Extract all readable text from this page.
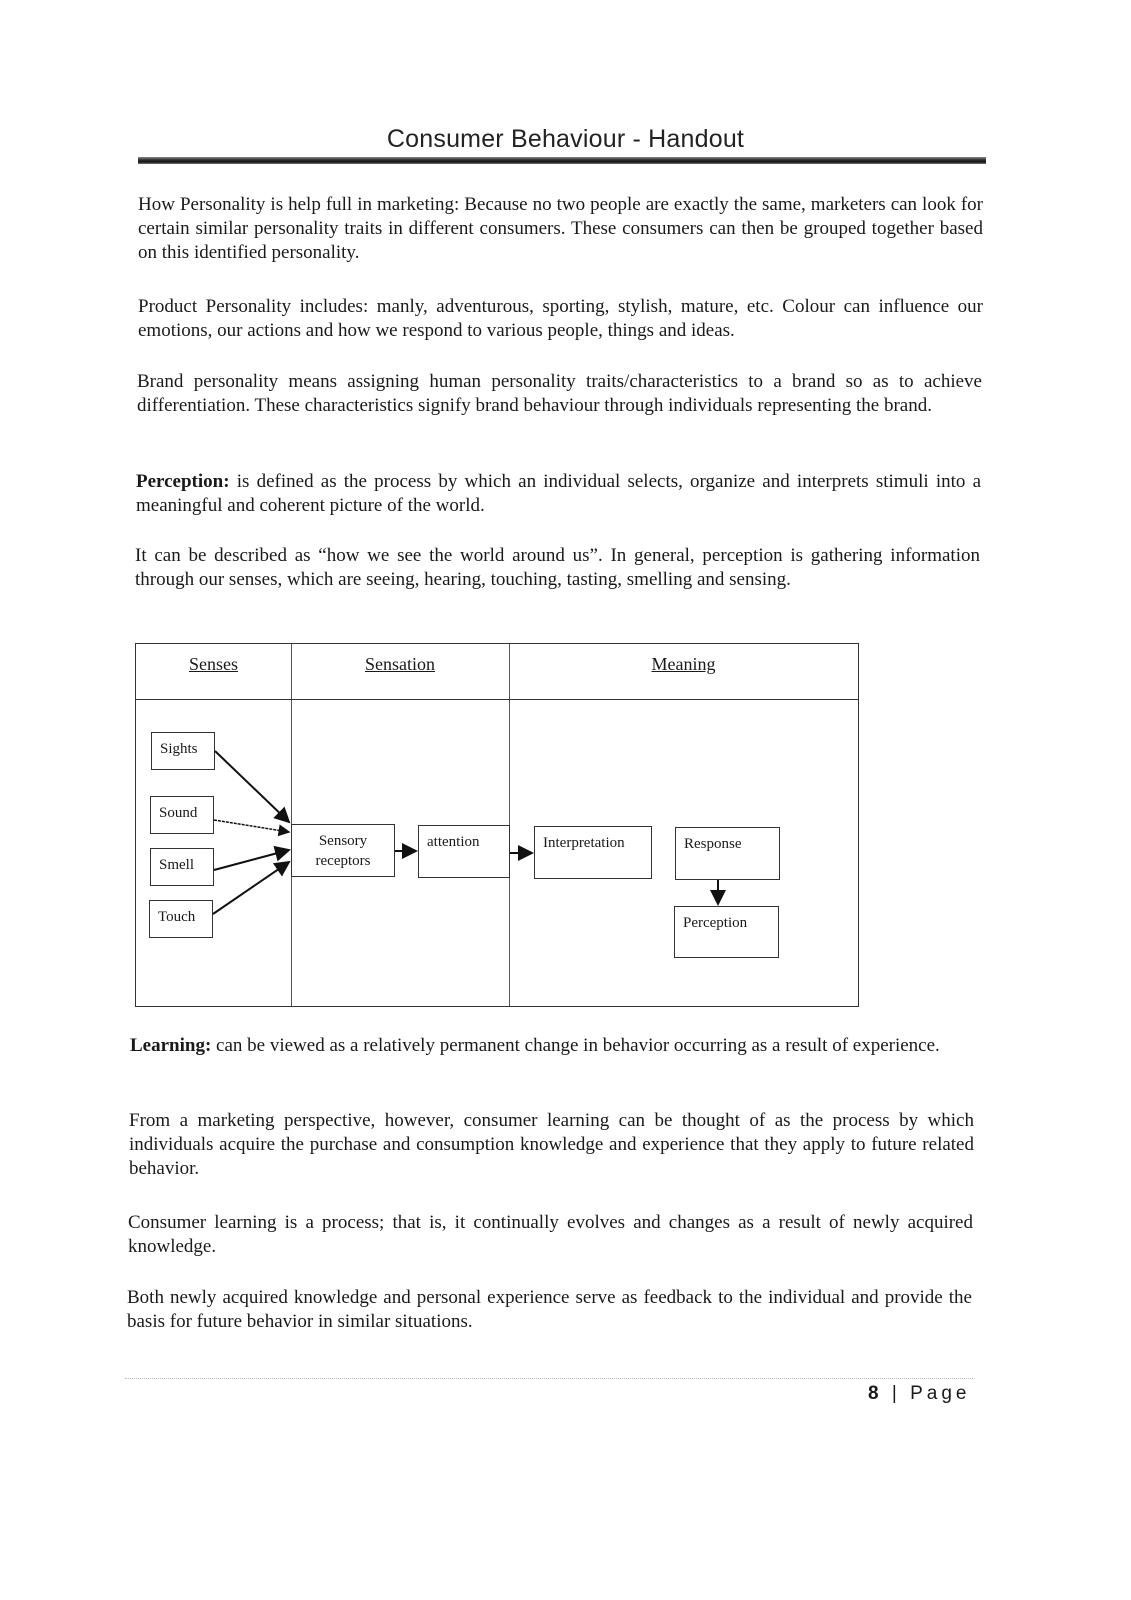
Consumer Behaviour - Handout
How Personality is help full in marketing: Because no two people are exactly the same, marketers can look for certain similar personality traits in different consumers. These consumers can then be grouped together based on this identified personality.
Product Personality includes: manly, adventurous, sporting, stylish, mature, etc. Colour can influence our emotions, our actions and how we respond to various people, things and ideas.
Brand personality means assigning human personality traits/characteristics to a brand so as to achieve differentiation. These characteristics signify brand behaviour through individuals representing the brand.
Perception: is defined as the process by which an individual selects, organize and interprets stimuli into a meaningful and coherent picture of the world.
It can be described as “how we see the world around us”. In general, perception is gathering information through our senses, which are seeing, hearing, touching, tasting, smelling and sensing.
Senses	Sensation	Meaning
Sights
Sound
Smell
Touch
Sensory receptors
attention	Interpretation	Response
Perception
Learning: can be viewed as a relatively permanent change in behavior occurring as a result of experience.
From a marketing perspective, however, consumer learning can be thought of as the process by which individuals acquire the purchase and consumption knowledge and experience that they apply to future related behavior.
Consumer learning is a process; that is, it continually evolves and changes as a result of newly acquired knowledge.
Both newly acquired knowledge and personal experience serve as feedback to the individual and provide the basis for future behavior in similar situations.
8 | Page
